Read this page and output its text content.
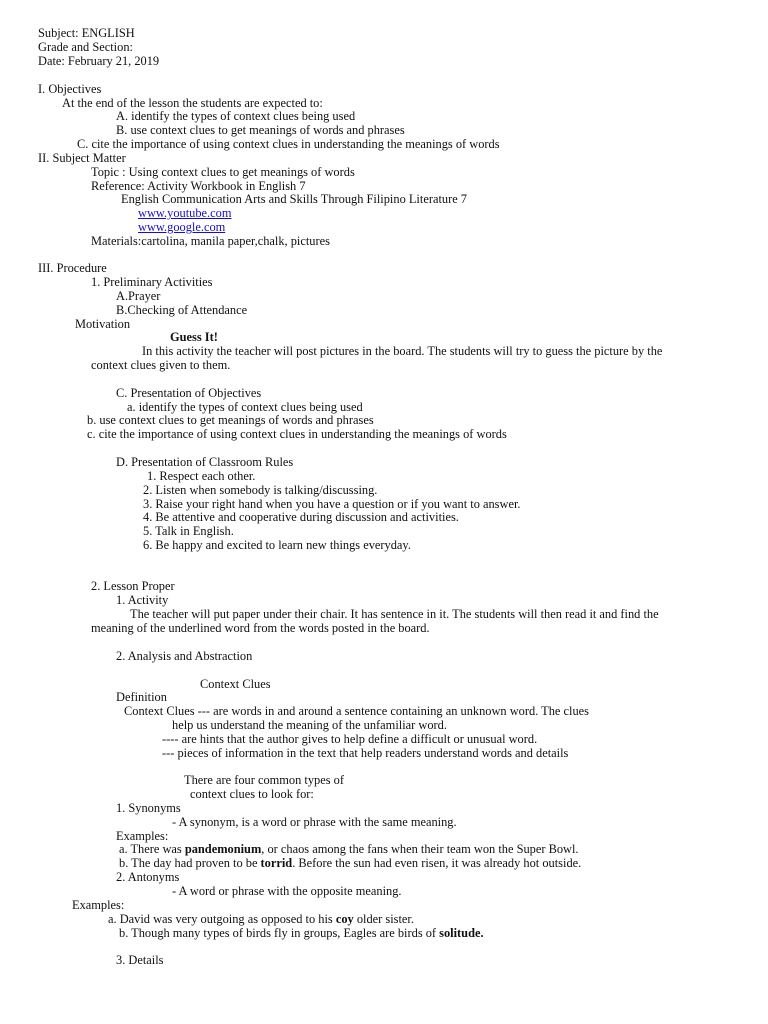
Subject: ENGLISH
Grade and Section:
Date: February 21, 2019
I. Objectives
At the end of the lesson the students are expected to:
A. identify the types of context clues being used
B. use context clues to get meanings of words and phrases
C. cite the importance of using context clues in understanding the meanings of words
II. Subject Matter
Topic : Using context clues to get meanings of words
Reference: Activity Workbook in English 7
English Communication Arts and Skills Through Filipino Literature 7
www.youtube.com
www.google.com
Materials:cartolina, manila paper,chalk, pictures
III. Procedure
1. Preliminary Activities
A.Prayer
B.Checking of Attendance
Motivation
Guess It!
In this activity the teacher will post pictures in the board. The students will try to guess the picture by the
context clues given to them.
C. Presentation of Objectives
a. identify the types of context clues being used
b. use context clues to get meanings of words and phrases
c. cite the importance of using context clues in understanding the meanings of words
D. Presentation of Classroom Rules
1. Respect each other.
2. Listen when somebody is talking/discussing.
3. Raise your right hand when you have a question or if you want to answer.
4. Be attentive and cooperative during discussion and activities.
5. Talk in English.
6. Be happy and excited to learn new things everyday.
2. Lesson Proper
1. Activity
The teacher will put paper under their chair. It has sentence in it. The students will then read it and find the
meaning of the underlined word from the words posted in the board.
2. Analysis and Abstraction
Context Clues
Definition
Context Clues --- are words in and around a sentence containing an unknown word. The clues
help us understand the meaning of the unfamiliar word.
---- are hints that the author gives to help define a difficult or unusual word.
--- pieces of information in the text that help readers understand words and details
There are four common types of
context clues to look for:
1. Synonyms
- A synonym, is a word or phrase with the same meaning.
Examples:
a. There was pandemonium, or chaos among the fans when their team won the Super Bowl.
b. The day had proven to be torrid. Before the sun had even risen, it was already hot outside.
2. Antonyms
- A word or phrase with the opposite meaning.
Examples:
a. David was very outgoing as opposed to his coy older sister.
b. Though many types of birds fly in groups, Eagles are birds of solitude.
3. Details
